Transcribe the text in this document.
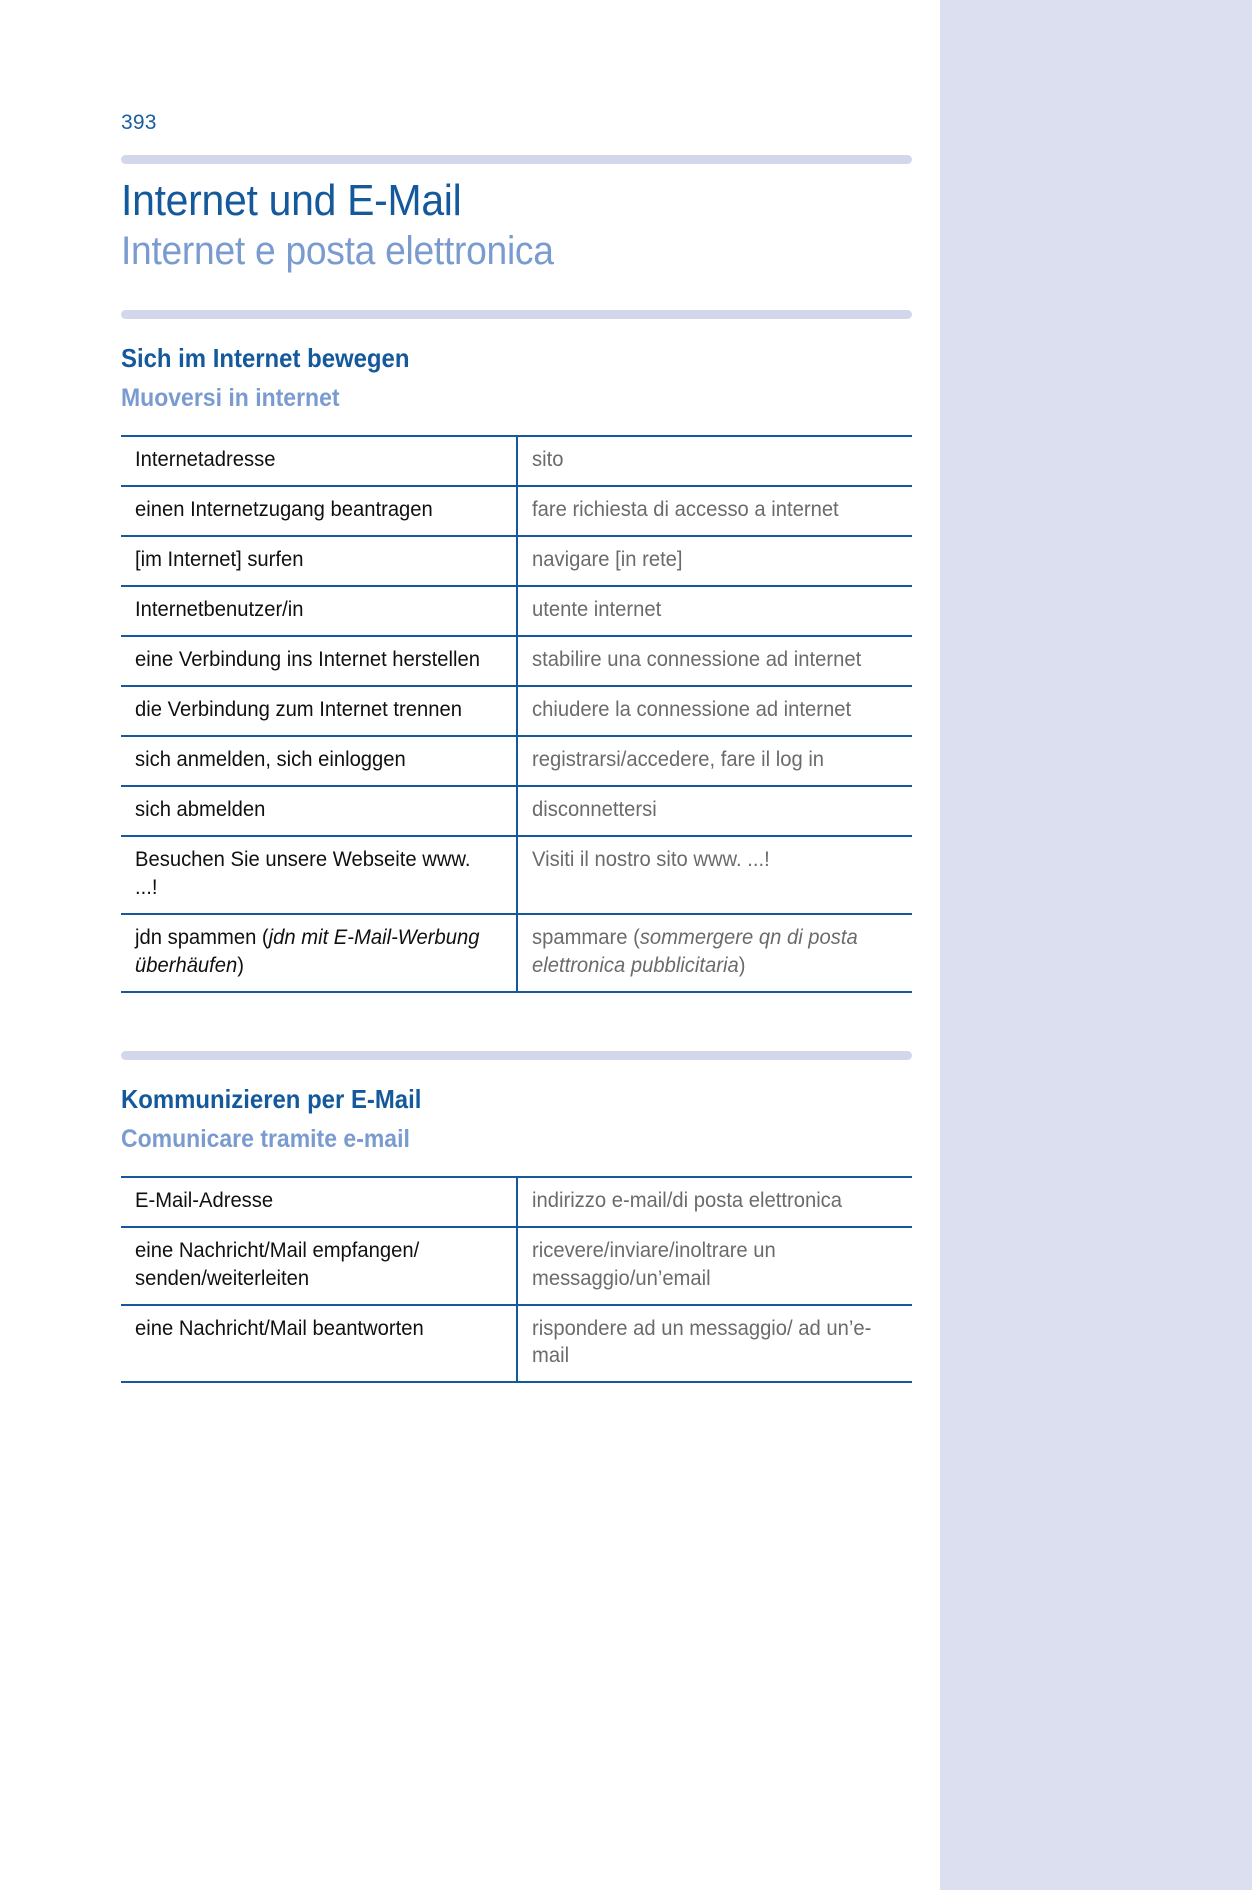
393
Internet und E-Mail
Internet e posta elettronica
Sich im Internet bewegen
Muoversi in internet
Internetadresse	sito

einen Internetzugang beantragen	fare richiesta di accesso a internet

[im Internet] surfen	navigare [in rete]

Internetbenutzer/in	utente internet

eine Verbindung ins Internet herstellen	stabilire una connessione ad internet

die Verbindung zum Internet trennen	chiudere la connessione ad internet

sich anmelden, sich einloggen	registrarsi/accedere, fare il log in

sich abmelden	disconnettersi

Besuchen Sie unsere Webseite www. ...!	Visiti il nostro sito www. ...!

jdn spammen (jdn mit E-Mail-Werbung überhäufen)	spammare (sommergere qn di posta elettronica pubblicitaria)
Kommunizieren per E-Mail
Comunicare tramite e-mail
E-Mail-Adresse	indirizzo e-mail/di posta elettronica

eine Nachricht/Mail empfangen/ senden/weiterleiten	ricevere/inviare/inoltrare un messaggio/un’email

eine Nachricht/Mail beantworten	rispondere ad un messaggio/ ad un’e-mail
